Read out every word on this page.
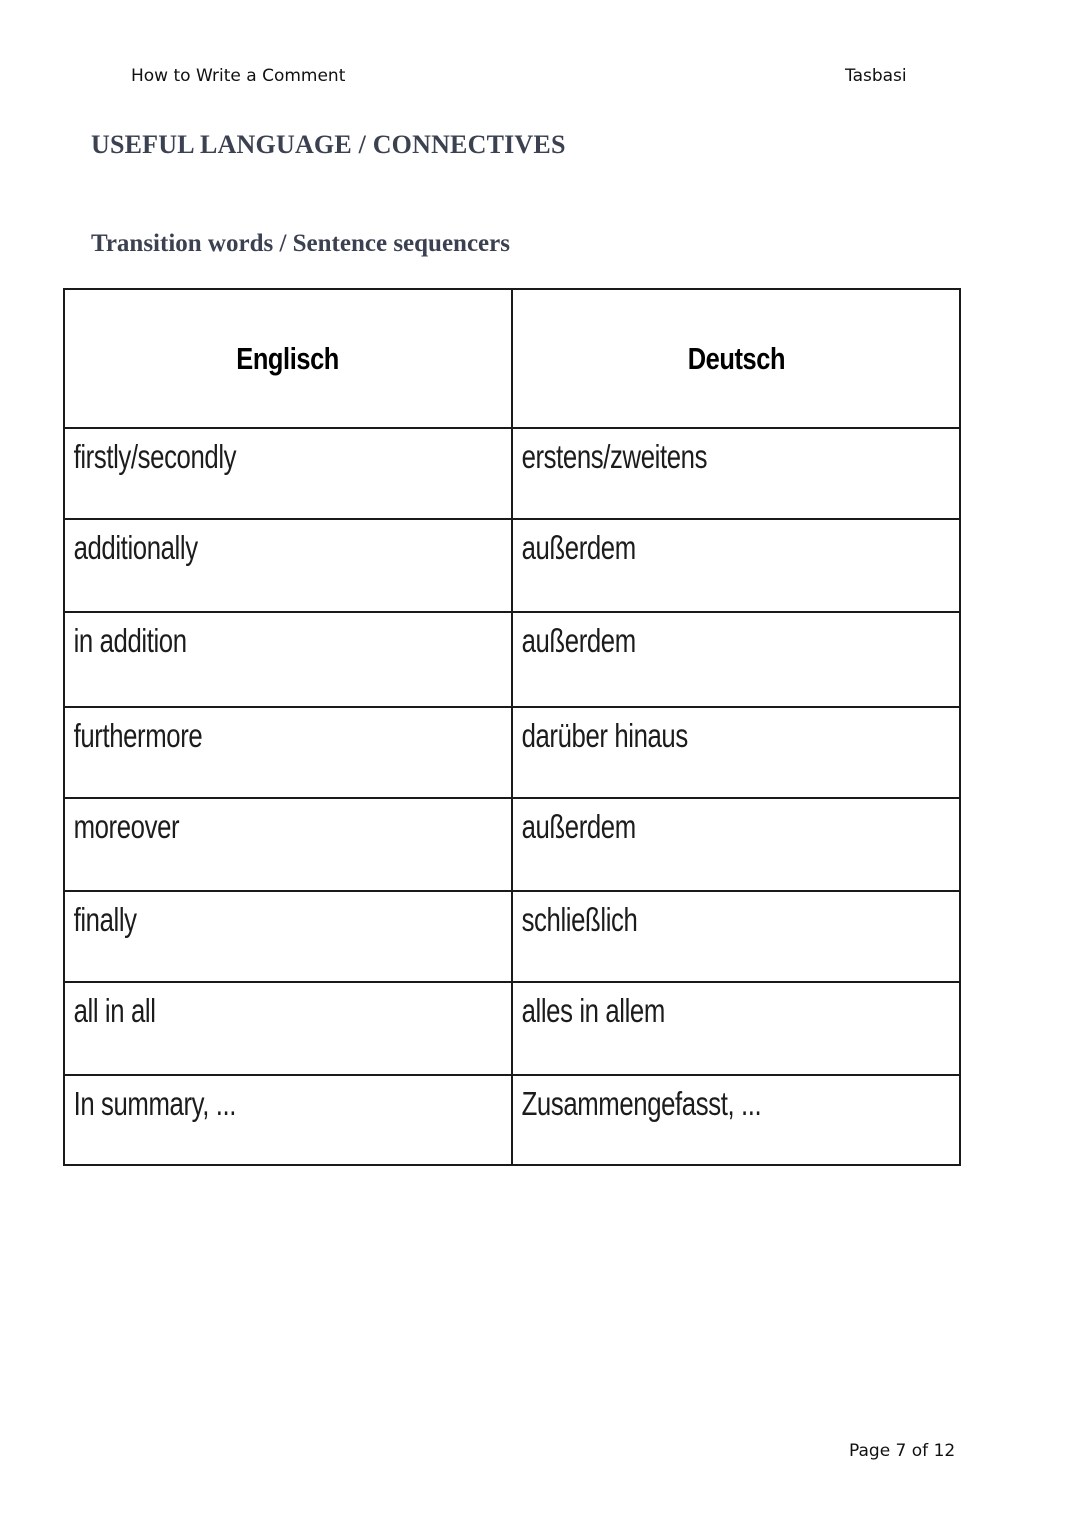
How to Write a Comment	Tasbasi
USEFUL LANGUAGE / CONNECTIVES
Transition words / Sentence sequencers
Englisch	Deutsch
firstly/secondly	erstens/zweitens
additionally	außerdem
in addition	außerdem
furthermore	darüber hinaus
moreover	außerdem
finally	schließlich
all in all	alles in allem
In summary, ...	Zusammengefasst, ...
Page 7 of 12
